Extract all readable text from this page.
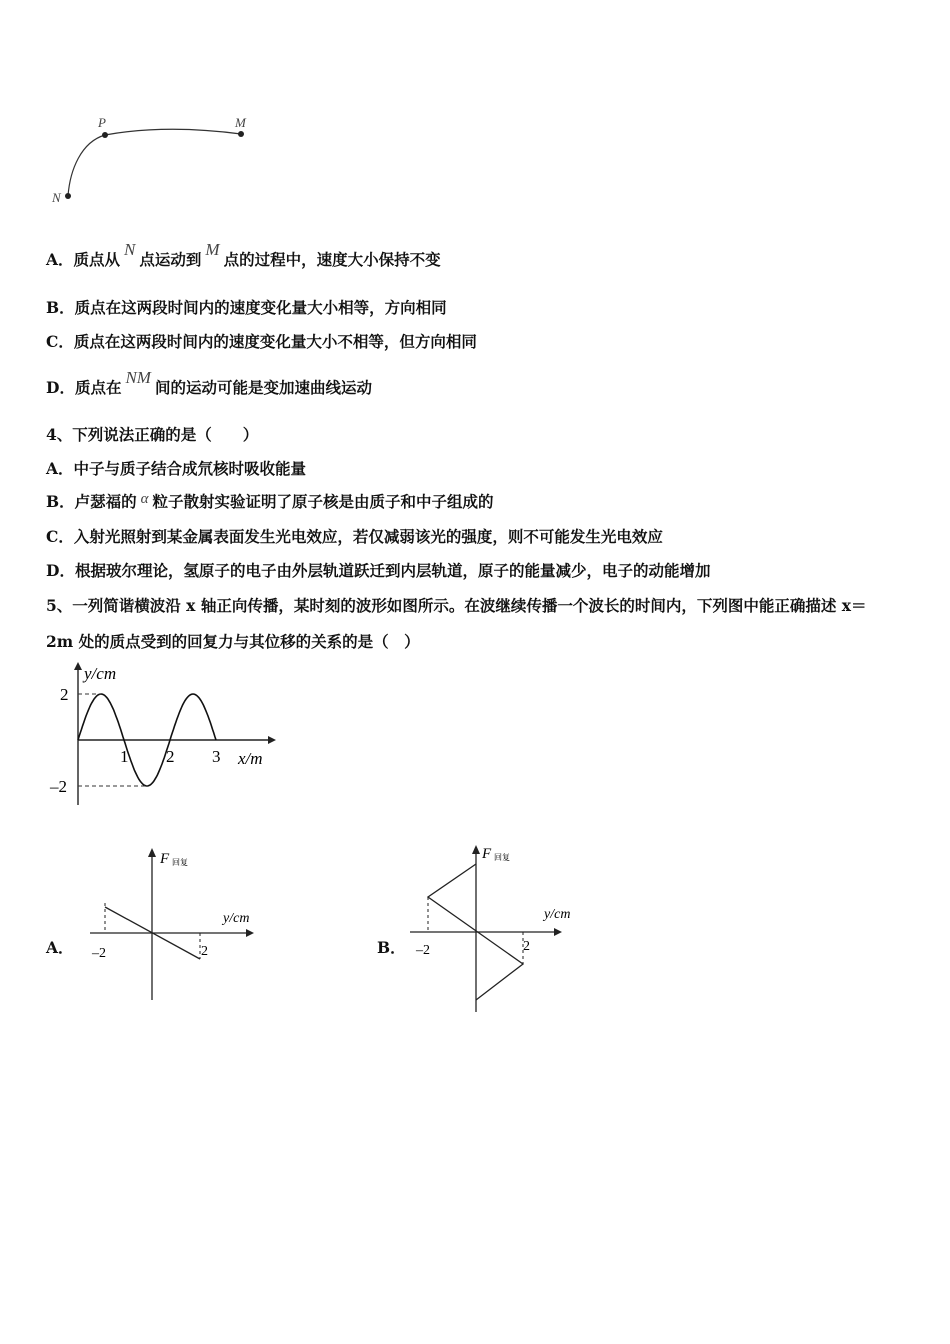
P	M
N
A．质点从N点运动到M点的过程中，速度大小保持不变
B．质点在这两段时间内的速度变化量大小相等，方向相同
C．质点在这两段时间内的速度变化量大小不相等，但方向相同
D．质点在NM间的运动可能是变加速曲线运动
4、下列说法正确的是（　　）
A．中子与质子结合成氘核时吸收能量
B．卢瑟福的 α 粒子散射实验证明了原子核是由质子和中子组成的
C．入射光照射到某金属表面发生光电效应，若仅减弱该光的强度，则不可能发生光电效应
D．根据玻尔理论，氢原子的电子由外层轨道跃迁到内层轨道，原子的能量减少，电子的动能增加
5、一列简谐横波沿 x 轴正向传播，某时刻的波形如图所示。在波继续传播一个波长的时间内，下列图中能正确描述 x＝
2m 处的质点受到的回复力与其位移的关系的是（　）
y/cm
x/m
2
–2
1 2 3
A．
F 回复
y/cm
–2	2	B．
F 回复
y/cm
–2	2
